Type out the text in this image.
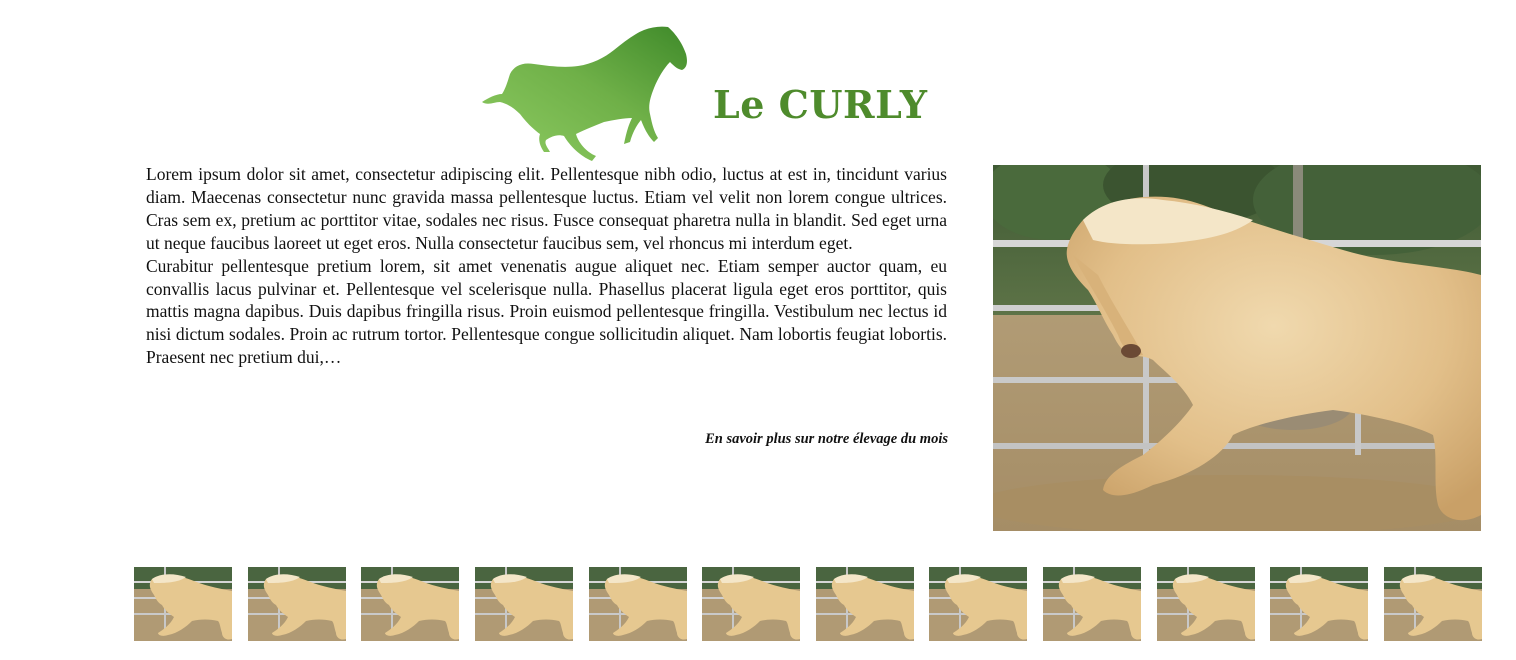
Le CURLY

Lorem ipsum dolor sit amet, consectetur adipiscing elit. Pellentesque nibh odio, luctus at est in, tincidunt varius diam. Maecenas consectetur nunc gravida massa pellentesque luctus. Etiam vel velit non lorem congue ultrices. Cras sem ex, pretium ac porttitor vitae, sodales nec risus. Fusce consequat pharetra nulla in blandit. Sed eget urna ut neque faucibus laoreet ut eget eros. Nulla consectetur faucibus sem, vel rhoncus mi interdum eget.

Curabitur pellentesque pretium lorem, sit amet venenatis augue aliquet nec. Etiam semper auctor quam, eu convallis lacus pulvinar et. Pellentesque vel scelerisque nulla. Phasellus placerat ligula eget eros porttitor, quis mattis magna dapibus. Duis dapibus fringilla risus. Proin euismod pellentesque fringilla. Vestibulum nec lectus id nisi dictum sodales. Proin ac rutrum tortor. Pellentesque congue sollicitudin aliquet. Nam lobortis feugiat lobortis. Praesent nec pretium dui,…

En savoir plus sur notre élevage du mois
